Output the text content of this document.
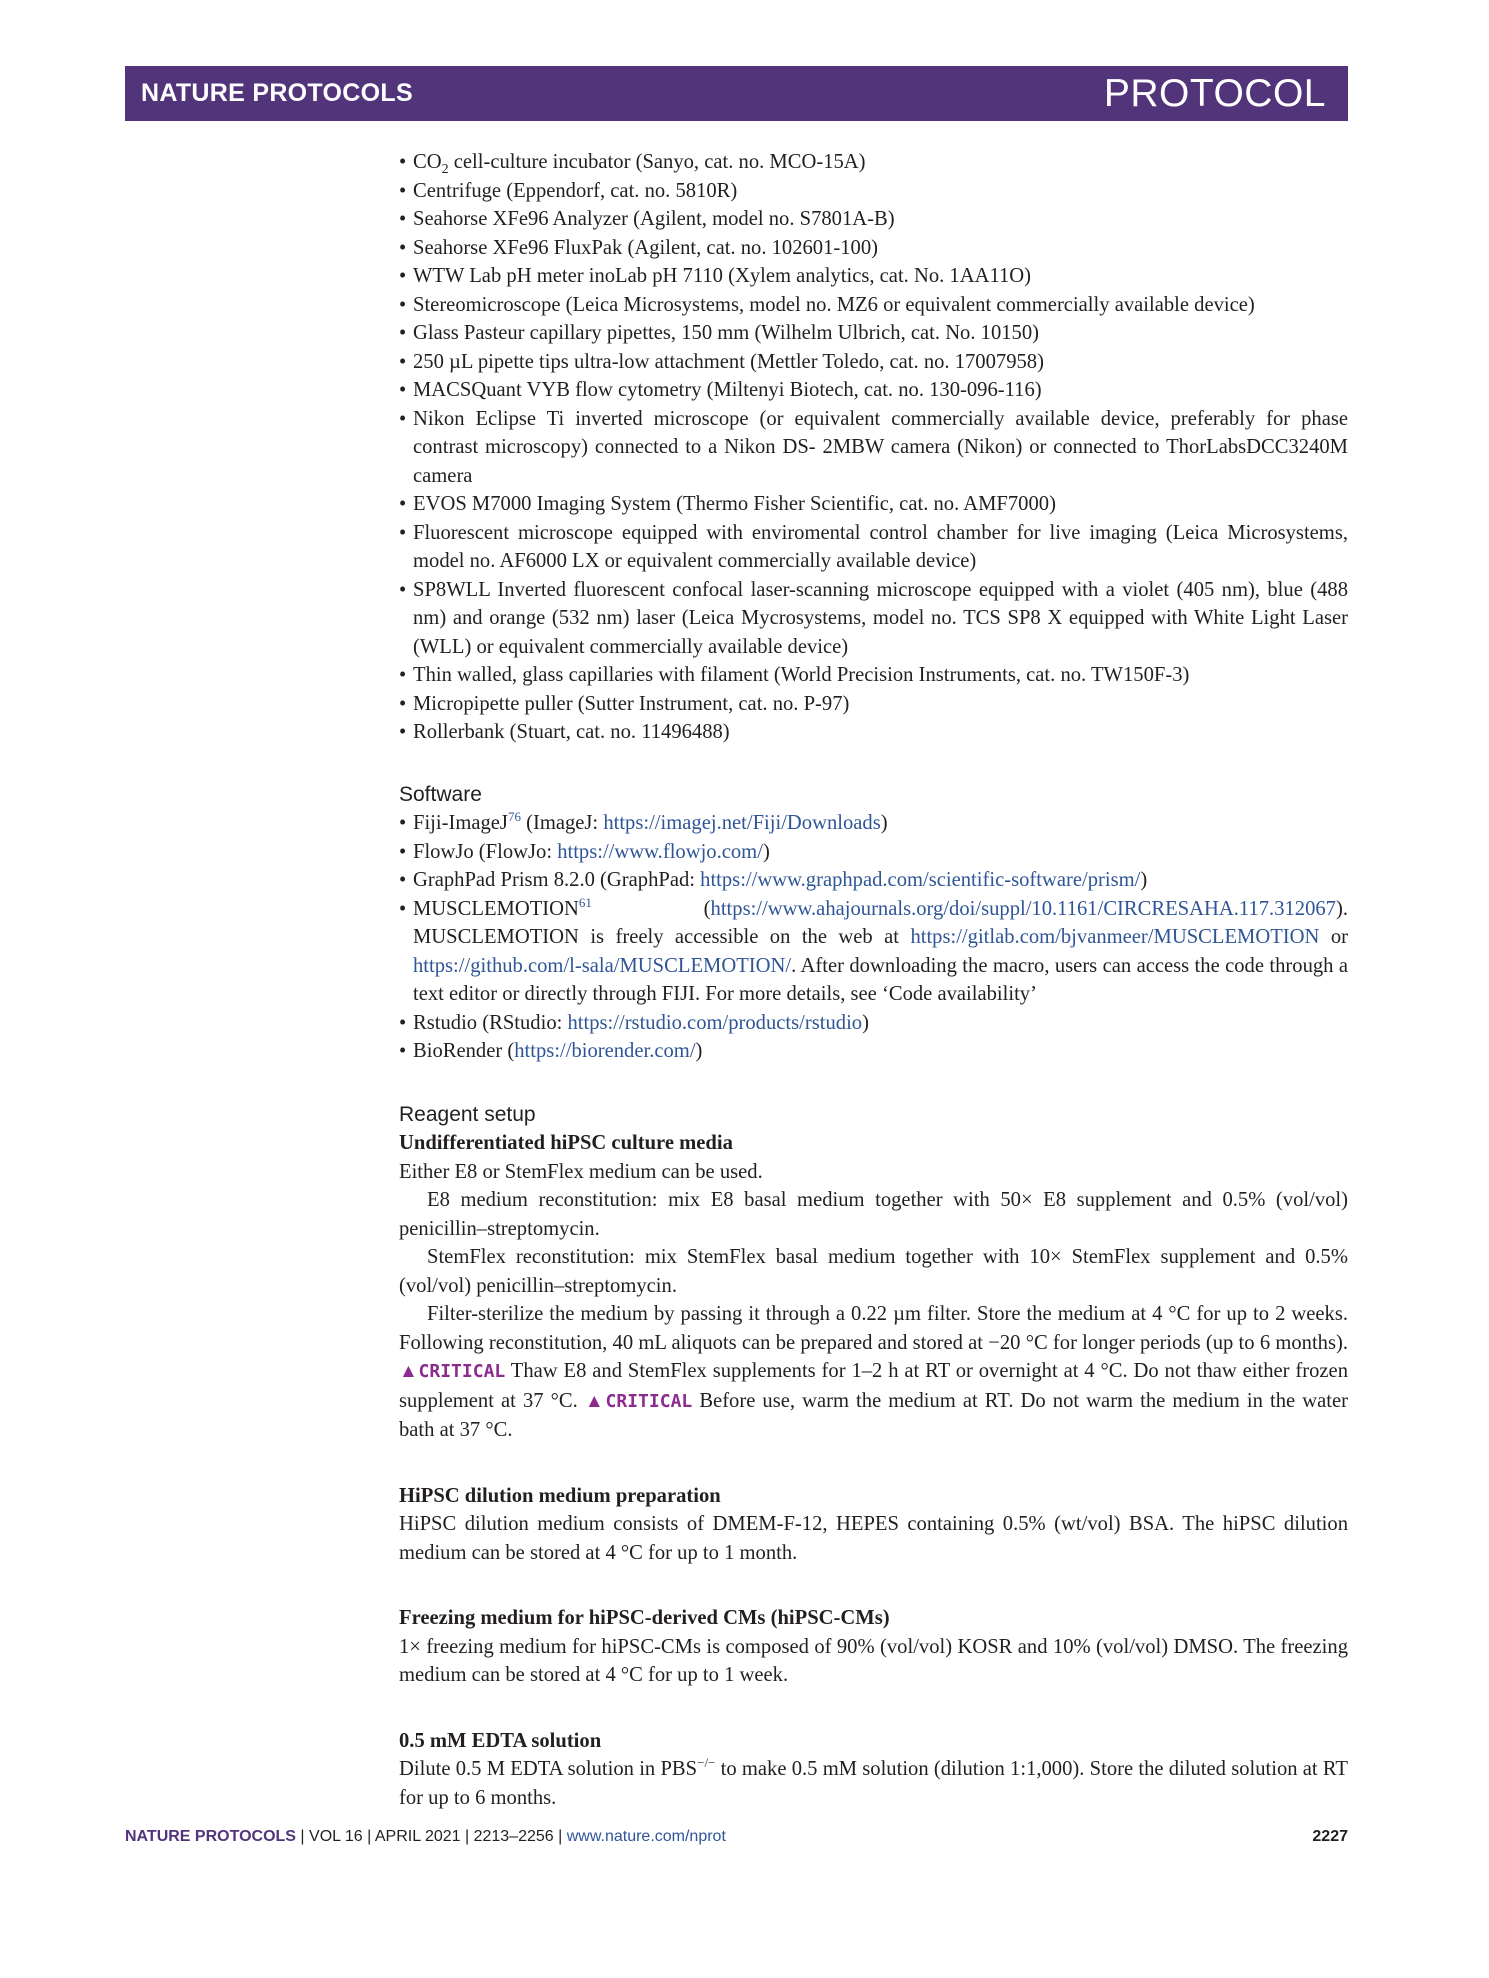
NATURE PROTOCOLS	PROTOCOL
• $CO_2$ cell-culture incubator (Sanyo, cat. no. MCO-15A)
• Centrifuge (Eppendorf, cat. no. 5810R)
• Seahorse XFe96 Analyzer (Agilent, model no. S7801A-B)
• Seahorse XFe96 FluxPak (Agilent, cat. no. 102601-100)
• WTW Lab pH meter inoLab pH 7110 (Xylem analytics, cat. No. 1AA11O)
• Stereomicroscope (Leica Microsystems, model no. MZ6 or equivalent commercially available device)
• Glass Pasteur capillary pipettes, 150 mm (Wilhelm Ulbrich, cat. No. 10150)
• 250 µL pipette tips ultra-low attachment (Mettler Toledo, cat. no. 17007958)
• MACSQuant VYB flow cytometry (Miltenyi Biotech, cat. no. 130-096-116)
• Nikon Eclipse Ti inverted microscope (or equivalent commercially available device, preferably for phase contrast microscopy) connected to a Nikon DS- 2MBW camera (Nikon) or connected to ThorLabsDCC3240M camera
• EVOS M7000 Imaging System (Thermo Fisher Scientific, cat. no. AMF7000)
• Fluorescent microscope equipped with enviromental control chamber for live imaging (Leica Microsystems, model no. AF6000 LX or equivalent commercially available device)
• SP8WLL Inverted fluorescent confocal laser-scanning microscope equipped with a violet (405 nm), blue (488 nm) and orange (532 nm) laser (Leica Mycrosystems, model no. TCS SP8 X equipped with White Light Laser (WLL) or equivalent commercially available device)
• Thin walled, glass capillaries with filament (World Precision Instruments, cat. no. TW150F-3)
• Micropipette puller (Sutter Instrument, cat. no. P-97)
• Rollerbank (Stuart, cat. no. 11496488)
Software
• Fiji-ImageJ$^{76}$ (ImageJ: https://imagej.net/Fiji/Downloads)
• FlowJo (FlowJo: https://www.flowjo.com/)
• GraphPad Prism 8.2.0 (GraphPad: https://www.graphpad.com/scientific-software/prism/)
• MUSCLEMOTION$^{61}$       (https://www.ahajournals.org/doi/suppl/10.1161/CIRCRESAHA.117.312067). MUSCLEMOTION is freely accessible on the web at https://gitlab.com/bjvanmeer/MUSCLEMOTION or https://github.com/l-sala/MUSCLEMOTION/. After downloading the macro, users can access the code through a text editor or directly through FIJI. For more details, see ‘Code availability’
• Rstudio (RStudio: https://rstudio.com/products/rstudio)
• BioRender (https://biorender.com/)
Reagent setup

Undifferentiated hiPSC culture media

Either E8 or StemFlex medium can be used.

E8 medium reconstitution: mix E8 basal medium together with 50× E8 supplement and 0.5% (vol/vol) penicillin–streptomycin.

StemFlex reconstitution: mix StemFlex basal medium together with 10× StemFlex supplement and 0.5% (vol/vol) penicillin–streptomycin.

Filter-sterilize the medium by passing it through a 0.22 µm filter. Store the medium at 4 °C for up to 2 weeks. Following reconstitution, 40 mL aliquots can be prepared and stored at −20 °C for longer periods (up to 6 months). ▲CRITICAL Thaw E8 and StemFlex supplements for 1–2 h at RT or overnight at 4 °C. Do not thaw either frozen supplement at 37 °C. ▲CRITICAL Before use, warm the medium at RT. Do not warm the medium in the water bath at 37 °C.

HiPSC dilution medium preparation

HiPSC dilution medium consists of DMEM-F-12, HEPES containing 0.5% (wt/vol) BSA. The hiPSC dilution medium can be stored at 4 °C for up to 1 month.

Freezing medium for hiPSC-derived CMs (hiPSC-CMs)

1× freezing medium for hiPSC-CMs is composed of 90% (vol/vol) KOSR and 10% (vol/vol) DMSO. The freezing medium can be stored at 4 °C for up to 1 week.

0.5 mM EDTA solution

Dilute 0.5 M EDTA solution in PBS−/− to make 0.5 mM solution (dilution 1:1,000). Store the diluted solution at RT for up to 6 months.

NATURE PROTOCOLS | VOL 16 | APRIL 2021 | 2213–2256 | www.nature.com/nprot	2227
